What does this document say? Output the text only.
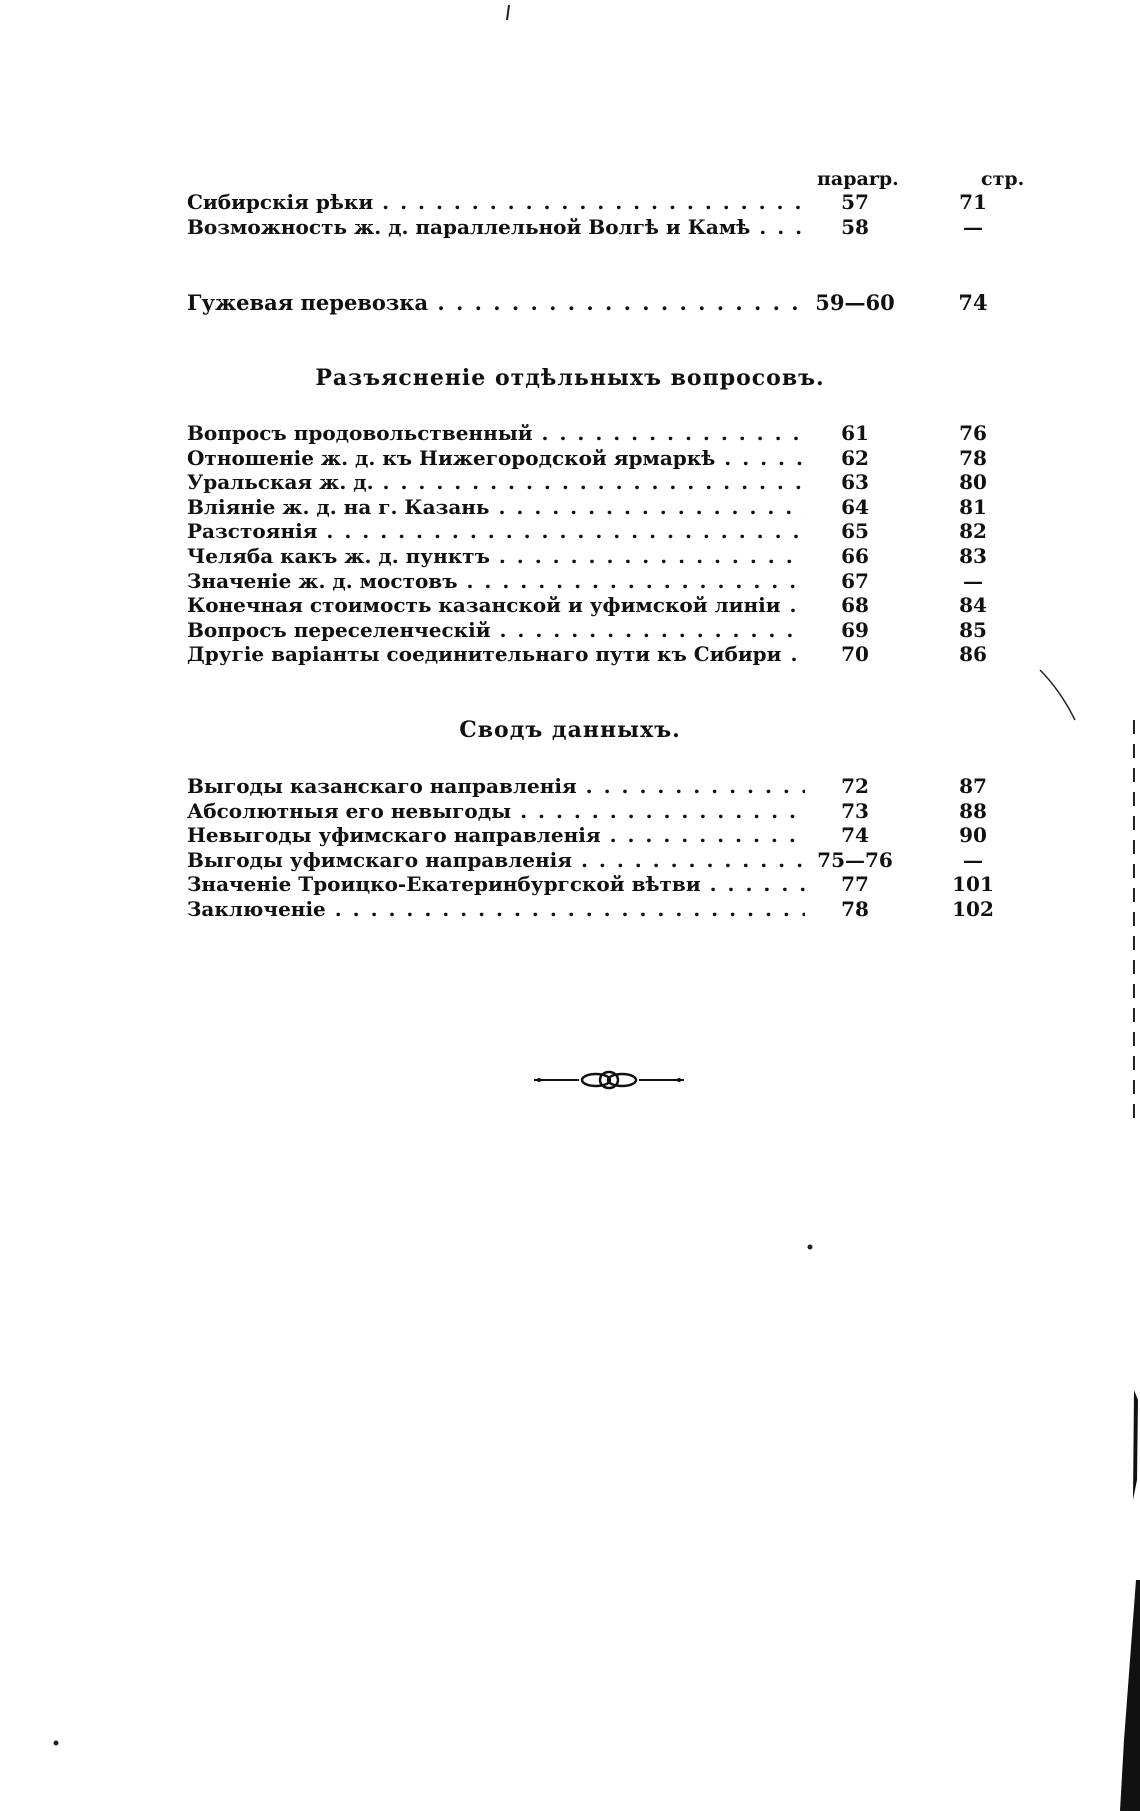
параrр.	стр.
Сибирскія рѣки . . .	57	71
Возможность ж. д. параллельной Волгѣ и Камѣ . . .	58	—
Гужевая перевозка . . .	59—60	74
Разъясненіе отдѣльныхъ вопросовъ.
Вопросъ продовольственный . . .	61	76
Отношеніе ж. д. къ Нижегородской ярмаркѣ . . .	62	78
Уральская ж. д. . . .	63	80
Вліяніе ж. д. на г. Казань . . .	64	81
Разстоянія . . .	65	82
Челяба какъ ж. д. пунктъ . . .	66	83
Значеніе ж. д. мостовъ . . .	67	—
Конечная стоимость казанской и уфимской линіи . . .	68	84
Вопросъ переселенческій . . .	69	85
Другіе варіанты соединительнаго пути къ Сибири . . .	70	86
Сводъ данныхъ.
Выгоды казанскаго направленія . . .	72	87
Абсолютныя его невыгоды . . .	73	88
Невыгоды уфимскаго направленія . . .	74	90
Выгоды уфимскаго направленія . . .	75—76	—
Значеніе Троицко-Екатеринбургской вѣтви . . .	77	101
Заключеніе . . .	78	102
